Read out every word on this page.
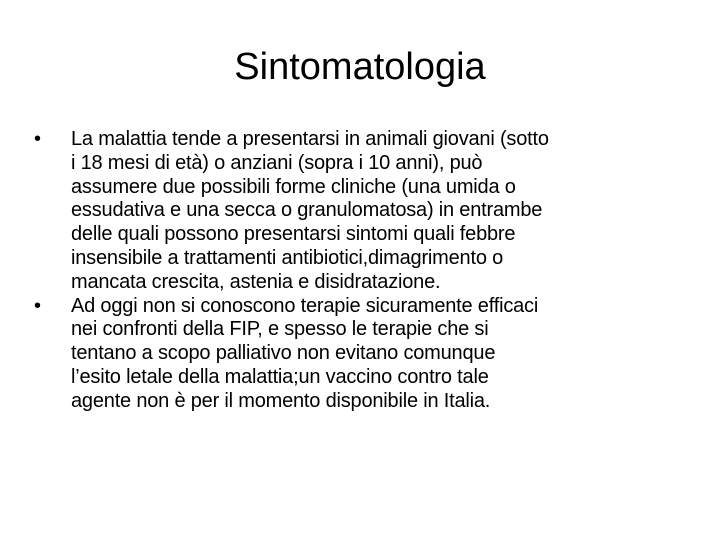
Sintomatologia
•	La malattia tende a presentarsi in animali giovani (sotto
i 18 mesi di età) o anziani (sopra i 10 anni), può
assumere due possibili forme cliniche (una umida o
essudativa e una secca o granulomatosa) in entrambe
delle quali possono presentarsi sintomi quali febbre
insensibile a trattamenti antibiotici,dimagrimento o
mancata crescita, astenia e disidratazione.
•	Ad oggi non si conoscono terapie sicuramente efficaci
nei confronti della FIP, e spesso le terapie che si
tentano a scopo palliativo non evitano comunque
l’esito letale della malattia;un vaccino contro tale
agente non è per il momento disponibile in Italia.
